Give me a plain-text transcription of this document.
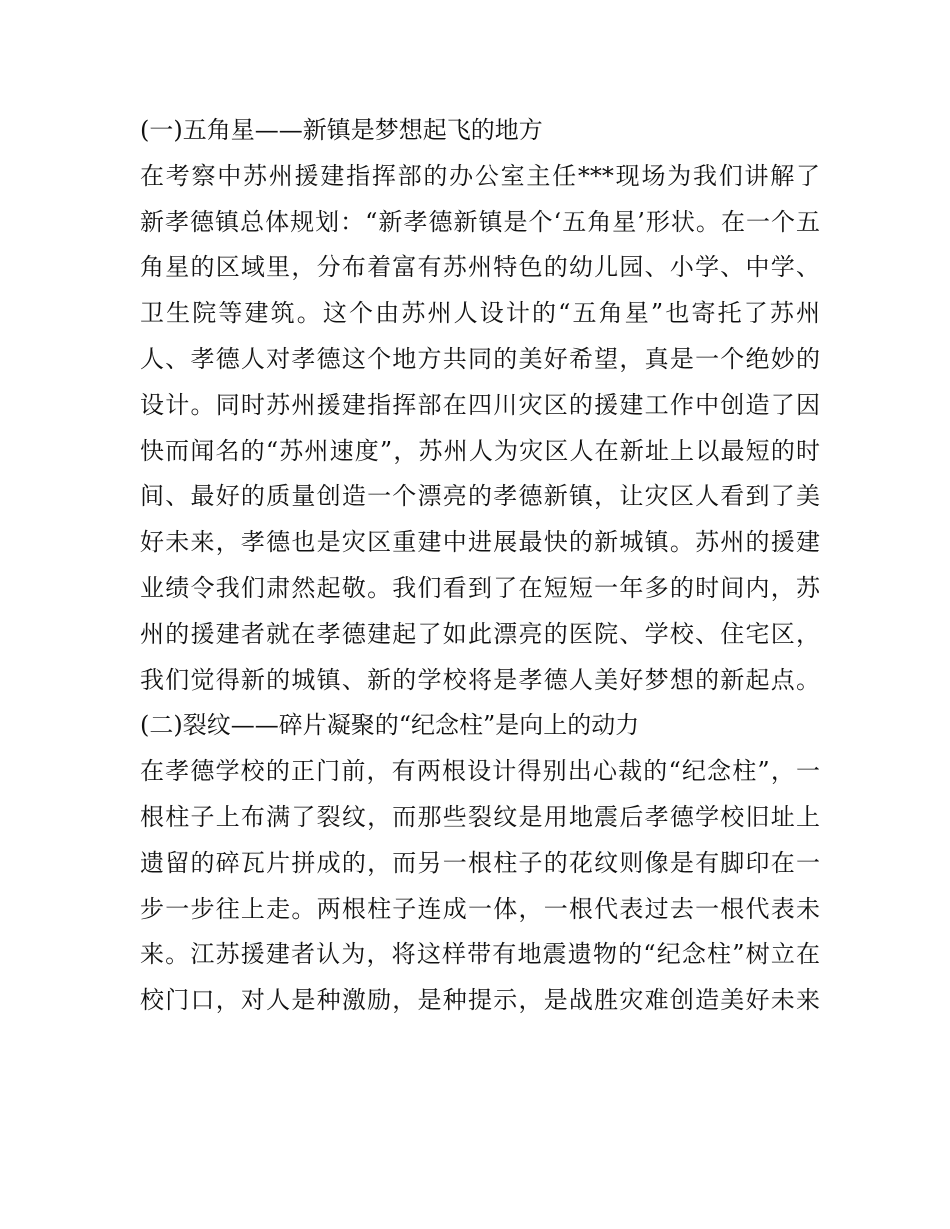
(一)五角星——新镇是梦想起飞的地方
在考察中苏州援建指挥部的办公室主任***现场为我们讲解了
新孝德镇总体规划：“新孝德新镇是个‘五角星’形状。在一个五
角星的区域里，分布着富有苏州特色的幼儿园、小学、中学、
卫生院等建筑。这个由苏州人设计的“五角星”也寄托了苏州
人、孝德人对孝德这个地方共同的美好希望，真是一个绝妙的
设计。同时苏州援建指挥部在四川灾区的援建工作中创造了因
快而闻名的“苏州速度”，苏州人为灾区人在新址上以最短的时
间、最好的质量创造一个漂亮的孝德新镇，让灾区人看到了美
好未来，孝德也是灾区重建中进展最快的新城镇。苏州的援建
业绩令我们肃然起敬。我们看到了在短短一年多的时间内，苏
州的援建者就在孝德建起了如此漂亮的医院、学校、住宅区，
我们觉得新的城镇、新的学校将是孝德人美好梦想的新起点。
(二)裂纹——碎片凝聚的“纪念柱”是向上的动力
在孝德学校的正门前，有两根设计得别出心裁的“纪念柱”，一
根柱子上布满了裂纹，而那些裂纹是用地震后孝德学校旧址上
遗留的碎瓦片拼成的，而另一根柱子的花纹则像是有脚印在一
步一步往上走。两根柱子连成一体，一根代表过去一根代表未
来。江苏援建者认为，将这样带有地震遗物的“纪念柱”树立在
校门口，对人是种激励，是种提示，是战胜灾难创造美好未来
